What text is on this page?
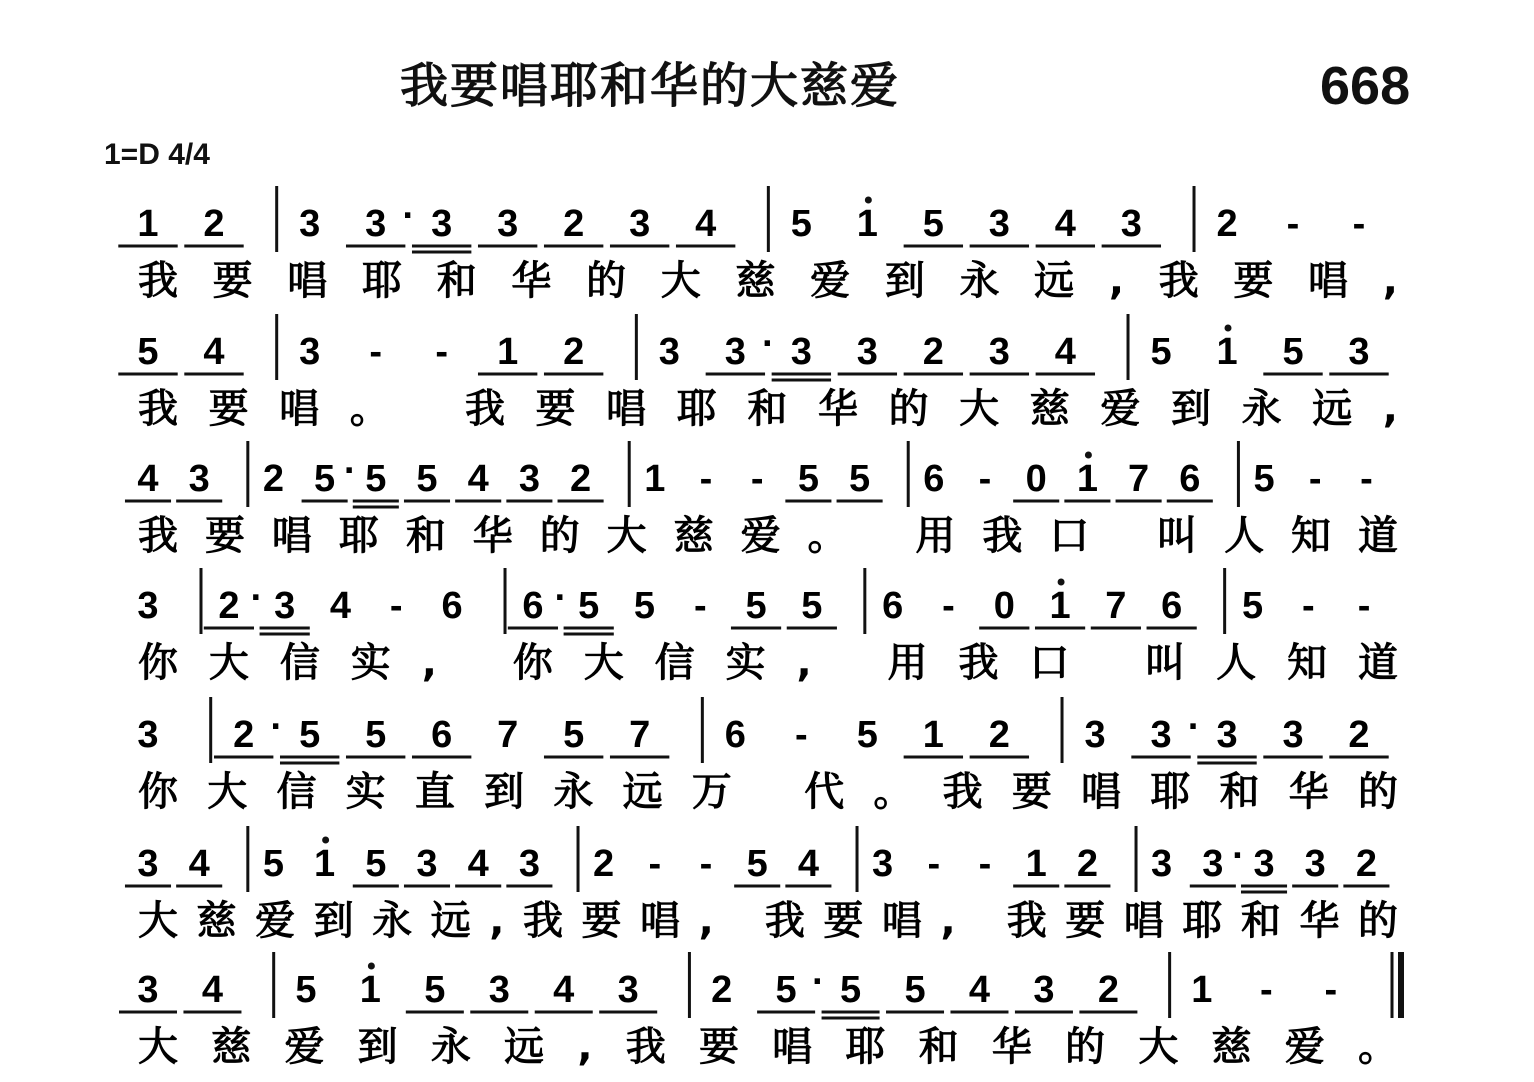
我要唱耶和华的大慈爱	668
1=D 4/4
1 2 3 3 · 3 3 2 3 4 5 1 5 3 4 3 2 - -
我要唱耶和华的大慈爱到永远,我要唱,
5 4 3 - - 1 2 3 3 · 3 3 2 3 4 5 1 5 3
我要唱。 我要唱耶和华的大慈爱到永远,
4 3 2 5 · 5 5 4 3 2 1 - - 5 5 6 - 0 1 7 6 5 - -
我要唱耶和华的大慈爱。 用我口 叫人知道
3 2 · 3 4 - 6 6 · 5 5 - 5 5 6 - 0 1 7 6 5 - -
你大信实, 你大信实, 用我口 叫人知道
3 2 · 5 5 6 7 5 7 6 - 5 1 2 3 3 · 3 3 2
你大信实直到永远万 代。我要唱耶和华的
3 4 5 1 5 3 4 3 2 - - 5 4 3 - - 1 2 3 3 · 3 3 2
大慈爱到永远,我要唱, 我要唱, 我要唱耶和华的
3 4 5 1 5 3 4 3 2 5 · 5 5 4 3 2 1 - -
大慈爱到永远,我要唱耶和华的大慈爱。
